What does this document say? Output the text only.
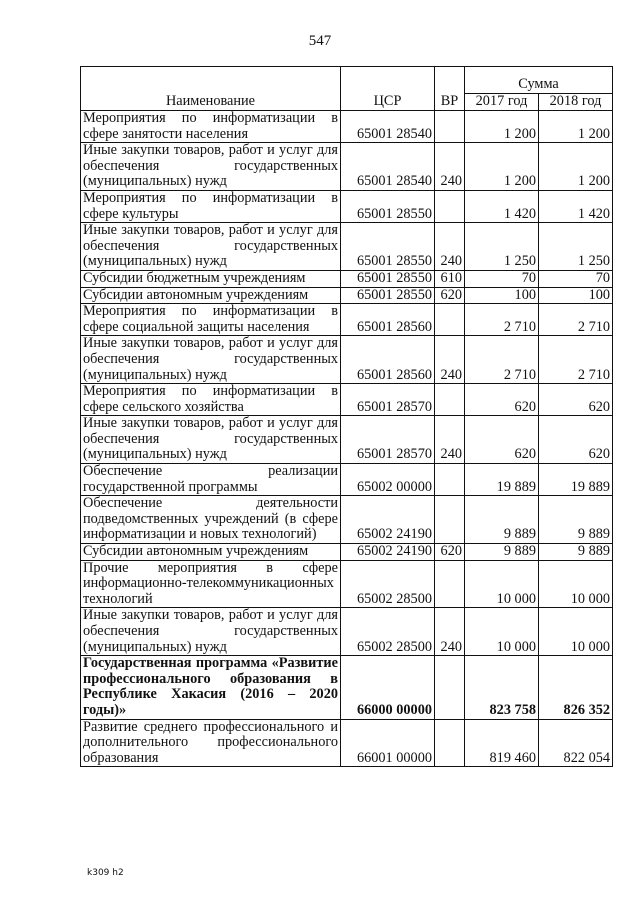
547
Наименование	ЦСР	ВР	Сумма	
			2017 год	2018 год
Мероприятия по информатизации в сфере занятости населения	65001 28540		1 200	1 200
Иные закупки товаров, работ и услуг для обеспечения государственных (муниципальных) нужд	65001 28540	240	1 200	1 200
Мероприятия по информатизации в сфере культуры	65001 28550		1 420	1 420
Иные закупки товаров, работ и услуг для обеспечения государственных (муниципальных) нужд	65001 28550	240	1 250	1 250
Субсидии бюджетным учреждениям	65001 28550	610	70	70
Субсидии автономным учреждениям	65001 28550	620	100	100
Мероприятия по информатизации в сфере социальной защиты населения	65001 28560		2 710	2 710
Иные закупки товаров, работ и услуг для обеспечения государственных (муниципальных) нужд	65001 28560	240	2 710	2 710
Мероприятия по информатизации в сфере сельского хозяйства	65001 28570		620	620
Иные закупки товаров, работ и услуг для обеспечения государственных (муниципальных) нужд	65001 28570	240	620	620
Обеспечение реализации государственной программы	65002 00000		19 889	19 889
Обеспечение деятельности подведомственных учреждений (в сфере информатизации и новых технологий)	65002 24190		9 889	9 889
Субсидии автономным учреждениям	65002 24190	620	9 889	9 889
Прочие мероприятия в сфере информационно-телекоммуникационных технологий	65002 28500		10 000	10 000
Иные закупки товаров, работ и услуг для обеспечения государственных (муниципальных) нужд	65002 28500	240	10 000	10 000
Государственная программа «Развитие профессионального образования в Республике Хакасия (2016 – 2020 годы)»	66000 00000		823 758	826 352
Развитие среднего профессионального и дополнительного профессионального образования	66001 00000		819 460	822 054
k309 h2
